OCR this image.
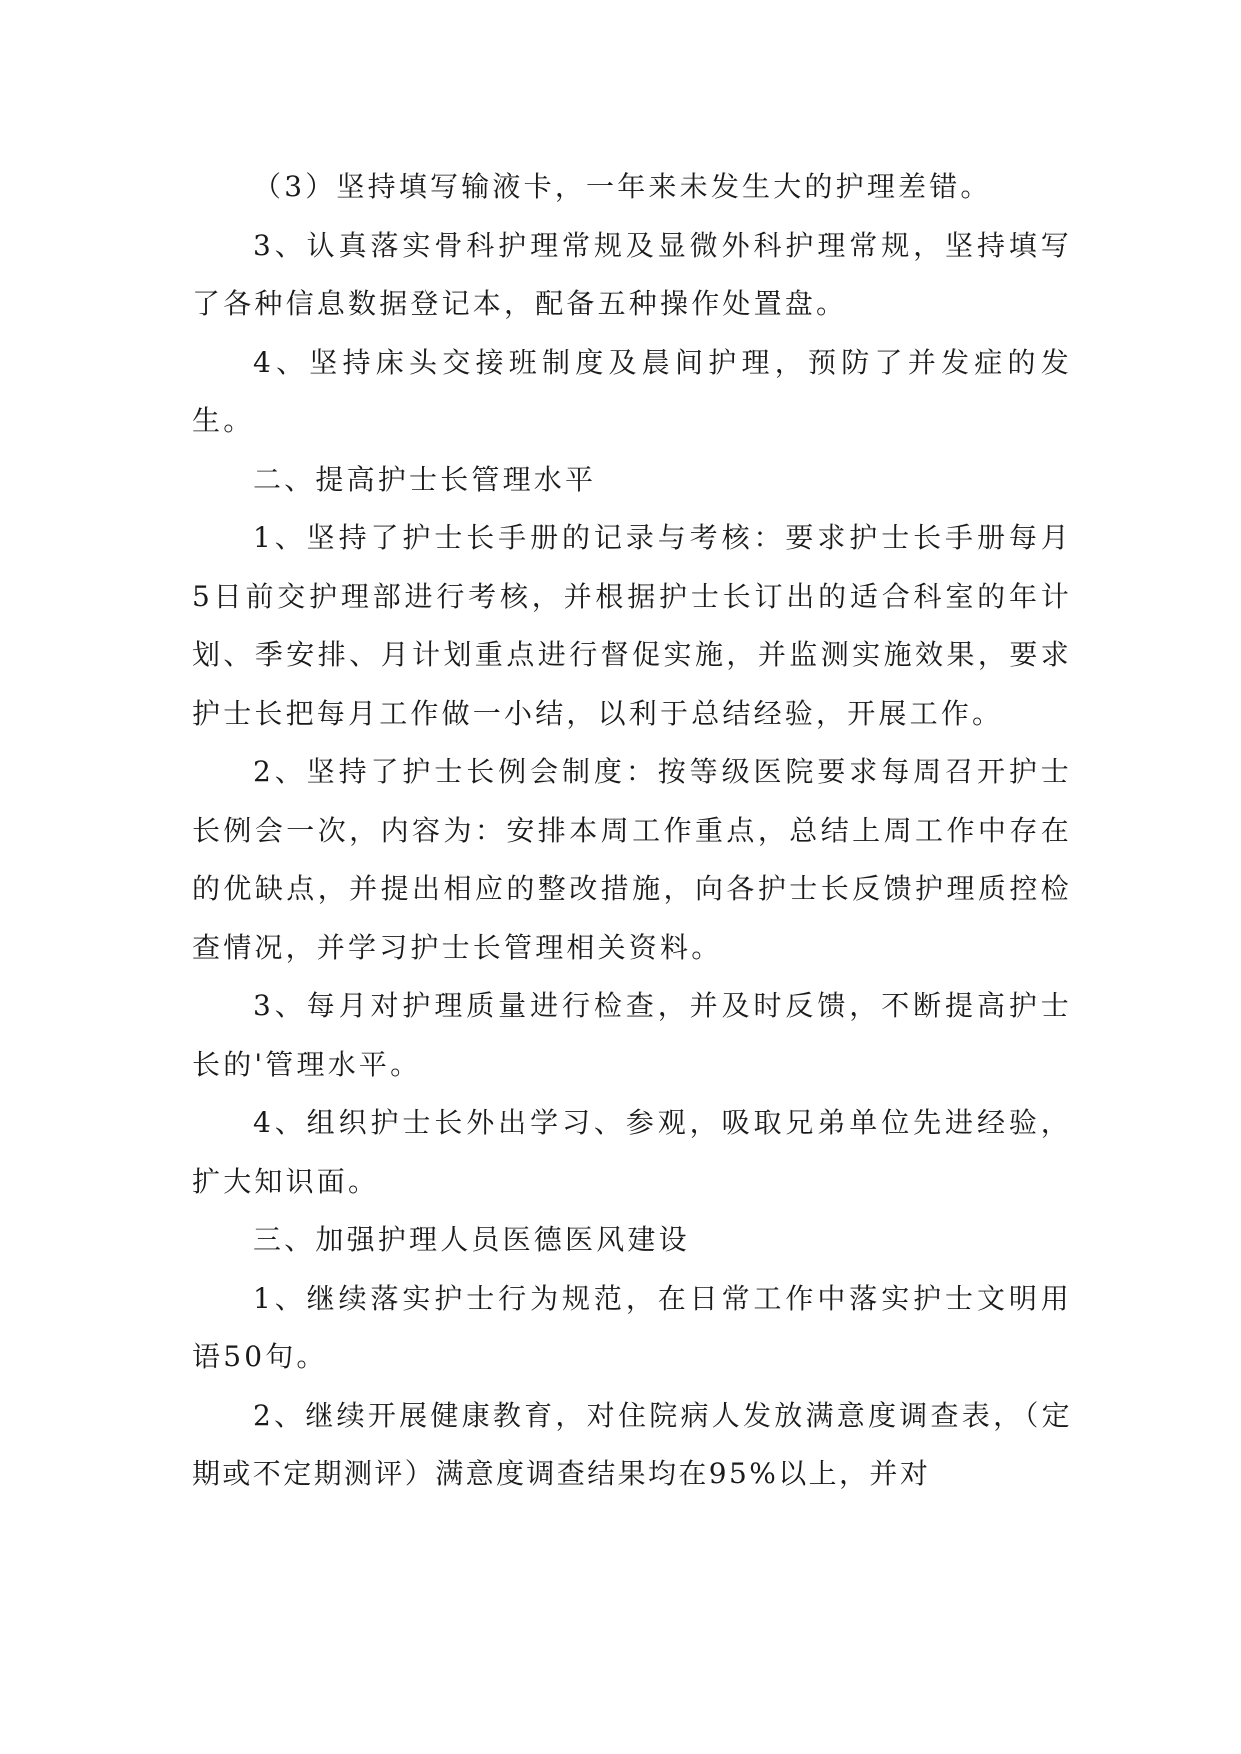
（3）坚持填写输液卡，一年来未发生大的护理差错。

3、认真落实骨科护理常规及显微外科护理常规，坚持填写了各种信息数据登记本，配备五种操作处置盘。

4、坚持床头交接班制度及晨间护理，预防了并发症的发生。

二、提高护士长管理水平

1、坚持了护士长手册的记录与考核：要求护士长手册每月5日前交护理部进行考核，并根据护士长订出的适合科室的年计划、季安排、月计划重点进行督促实施，并监测实施效果，要求护士长把每月工作做一小结，以利于总结经验，开展工作。

2、坚持了护士长例会制度：按等级医院要求每周召开护士长例会一次，内容为：安排本周工作重点，总结上周工作中存在的优缺点，并提出相应的整改措施，向各护士长反馈护理质控检查情况，并学习护士长管理相关资料。

3、每月对护理质量进行检查，并及时反馈，不断提高护士长的'管理水平。

4、组织护士长外出学习、参观，吸取兄弟单位先进经验，扩大知识面。

三、加强护理人员医德医风建设

1、继续落实护士行为规范，在日常工作中落实护士文明用语50句。

2、继续开展健康教育，对住院病人发放满意度调查表，（定期或不定期测评）满意度调查结果均在95%以上，并对
